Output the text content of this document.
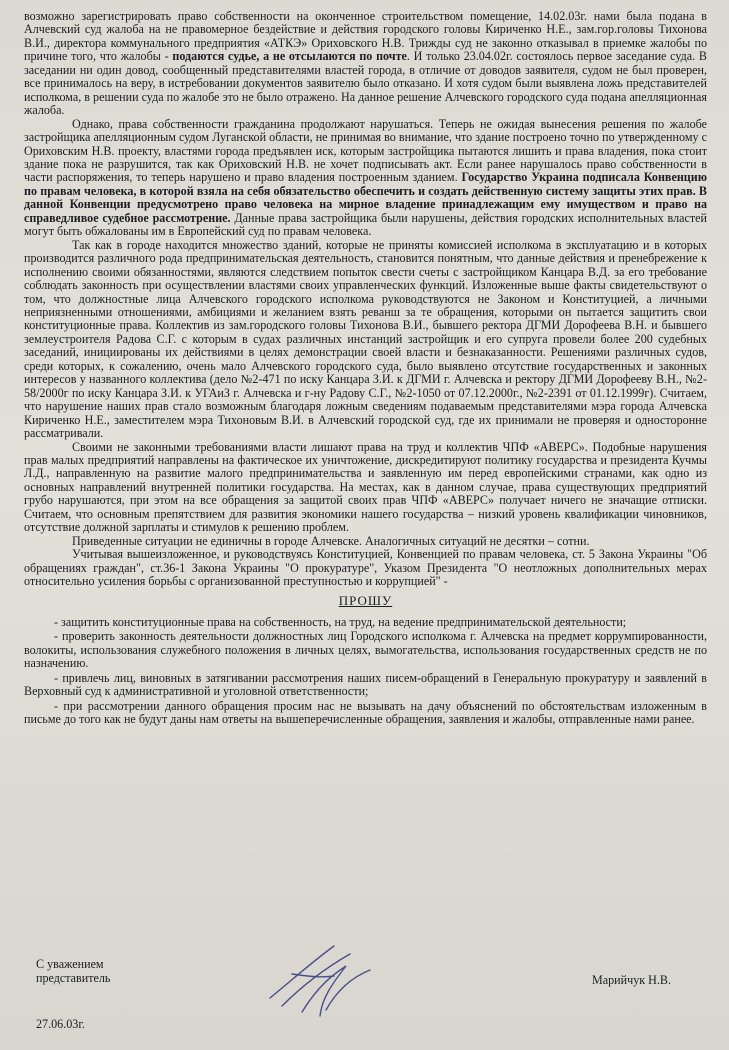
возможно зарегистрировать право собственности на оконченное строительством помещение, 14.02.03г. нами была подана в Алчевский суд жалоба на не правомерное бездействие и действия городского головы Кириченко Н.Е., зам.гор.головы Тихонова В.И., директора коммунального предприятия «АТКЭ» Ориховского Н.В. Трижды суд не законно отказывал в приемке жалобы по причине того, что жалобы - подаются судье, а не отсылаются по почте. И только 23.04.02г. состоялось первое заседание суда. В заседании ни один довод, сообщенный представителями властей города, в отличие от доводов заявителя, судом не был проверен, все принималось на веру, в истребовании документов заявителю было отказано. И хотя судом были выявлена ложь представителей исполкома, в решении суда по жалобе это не было отражено. На данное решение Алчевского городского суда подана апелляционная жалоба.

Однако, права собственности гражданина продолжают нарушаться. Теперь не ожидая вынесения решения по жалобе застройщика апелляционным судом Луганской области, не принимая во внимание, что здание построено точно по утвержденному с Ориховским Н.В. проекту, властями города предъявлен иск, которым застройщика пытаются лишить и права владения, пока стоит здание пока не разрушится, так как Ориховский Н.В. не хочет подписывать акт. Если ранее нарушалось право собственности в части распоряжения, то теперь нарушено и право владения построенным зданием. Государство Украина подписала Конвенцию по правам человека, в которой взяла на себя обязательство обеспечить и создать действенную систему защиты этих прав. В данной Конвенции предусмотрено право человека на мирное владение принадлежащим ему имуществом и право на справедливое судебное рассмотрение. Данные права застройщика были нарушены, действия городских исполнительных властей могут быть обжалованы им в Европейский суд по правам человека.

Так как в городе находится множество зданий, которые не приняты комиссией исполкома в эксплуатацию и в которых производится различного рода предпринимательская деятельность, становится понятным, что данные действия и пренебрежение к исполнению своими обязанностями, являются следствием попыток свести счеты с застройщиком Канцара В.Д. за его требование соблюдать законность при осуществлении властями своих управленческих функций. Изложенные выше факты свидетельствуют о том, что должностные лица Алчевского городского исполкома руководствуются не Законом и Конституцией, а личными неприязненными отношениями, амбициями и желанием взять реванш за те обращения, которыми он пытается защитить свои конституционные права. Коллектив из зам.городского головы Тихонова В.И., бывшего ректора ДГМИ Дорофеева В.Н. и бывшего землеустроителя Радова С.Г. с которым в судах различных инстанций застройщик и его супруга провели более 200 судебных заседаний, инициированы их действиями в целях демонстрации своей власти и безнаказанности. Решениями различных судов, среди которых, к сожалению, очень мало Алчевского городского суда, было выявлено отсутствие государственных и законных интересов у названного коллектива (дело №2-471 по иску Канцара З.И. к ДГМИ г. Алчевска и ректору ДГМИ Дорофееву В.Н., №2-58/2000г по иску Канцара З.И. к УГАиЗ г. Алчевска и г-ну Радову С.Г., №2-1050 от 07.12.2000г., №2-2391 от 01.12.1999г). Считаем, что нарушение наших прав стало возможным благодаря ложным сведениям подаваемым представителями мэра города Алчевска Кириченко Н.Е., заместителем мэра Тихоновым В.И. в Алчевский городской суд, где их принимали не проверяя и односторонне рассматривали.

Своими не законными требованиями власти лишают права на труд и коллектив ЧПФ «АВЕРС». Подобные нарушения прав малых предприятий направлены на фактическое их уничтожение, дискредитируют политику государства и президента Кучмы Л.Д., направленную на развитие малого предпринимательства и заявленную им перед европейскими странами, как одно из основных направлений внутренней политики государства. На местах, как в данном случае, права существующих предприятий грубо нарушаются, при этом на все обращения за защитой своих прав ЧПФ «АВЕРС» получает ничего не значащие отписки. Считаем, что основным препятствием для развития экономики нашего государства – низкий уровень квалификации чиновников, отсутствие должной зарплаты и стимулов к решению проблем.

Приведенные ситуации не единичны в городе Алчевске. Аналогичных ситуаций не десятки – сотни.

Учитывая вышеизложенное, и руководствуясь Конституцией, Конвенцией по правам человека, ст. 5 Закона Украины "Об обращениях граждан", ст.36-1 Закона Украины "О прокуратуре", Указом Президента "О неотложных дополнительных мерах относительно усиления борьбы с организованной преступностью и коррупцией" -

ПРОШУ

- защитить конституционные права на собственность, на труд, на ведение предпринимательской деятельности;

- проверить законность деятельности должностных лиц Городского исполкома г. Алчевска на предмет коррумпированности, волокиты, использования служебного положения в личных целях, вымогательства, использования государственных средств не по назначению.

- привлечь лиц, виновных в затягивании рассмотрения наших писем-обращений в Генеральную прокуратуру и заявлений в Верховный суд к административной и уголовной ответственности;

- при рассмотрении данного обращения просим нас не вызывать на дачу объяснений по обстоятельствам изложенным в письме до того как не будут даны нам ответы на вышеперечисленные обращения, заявления и жалобы, отправленные нами ранее.

С уважением
представитель	Марийчук Н.В.
27.06.03г.
